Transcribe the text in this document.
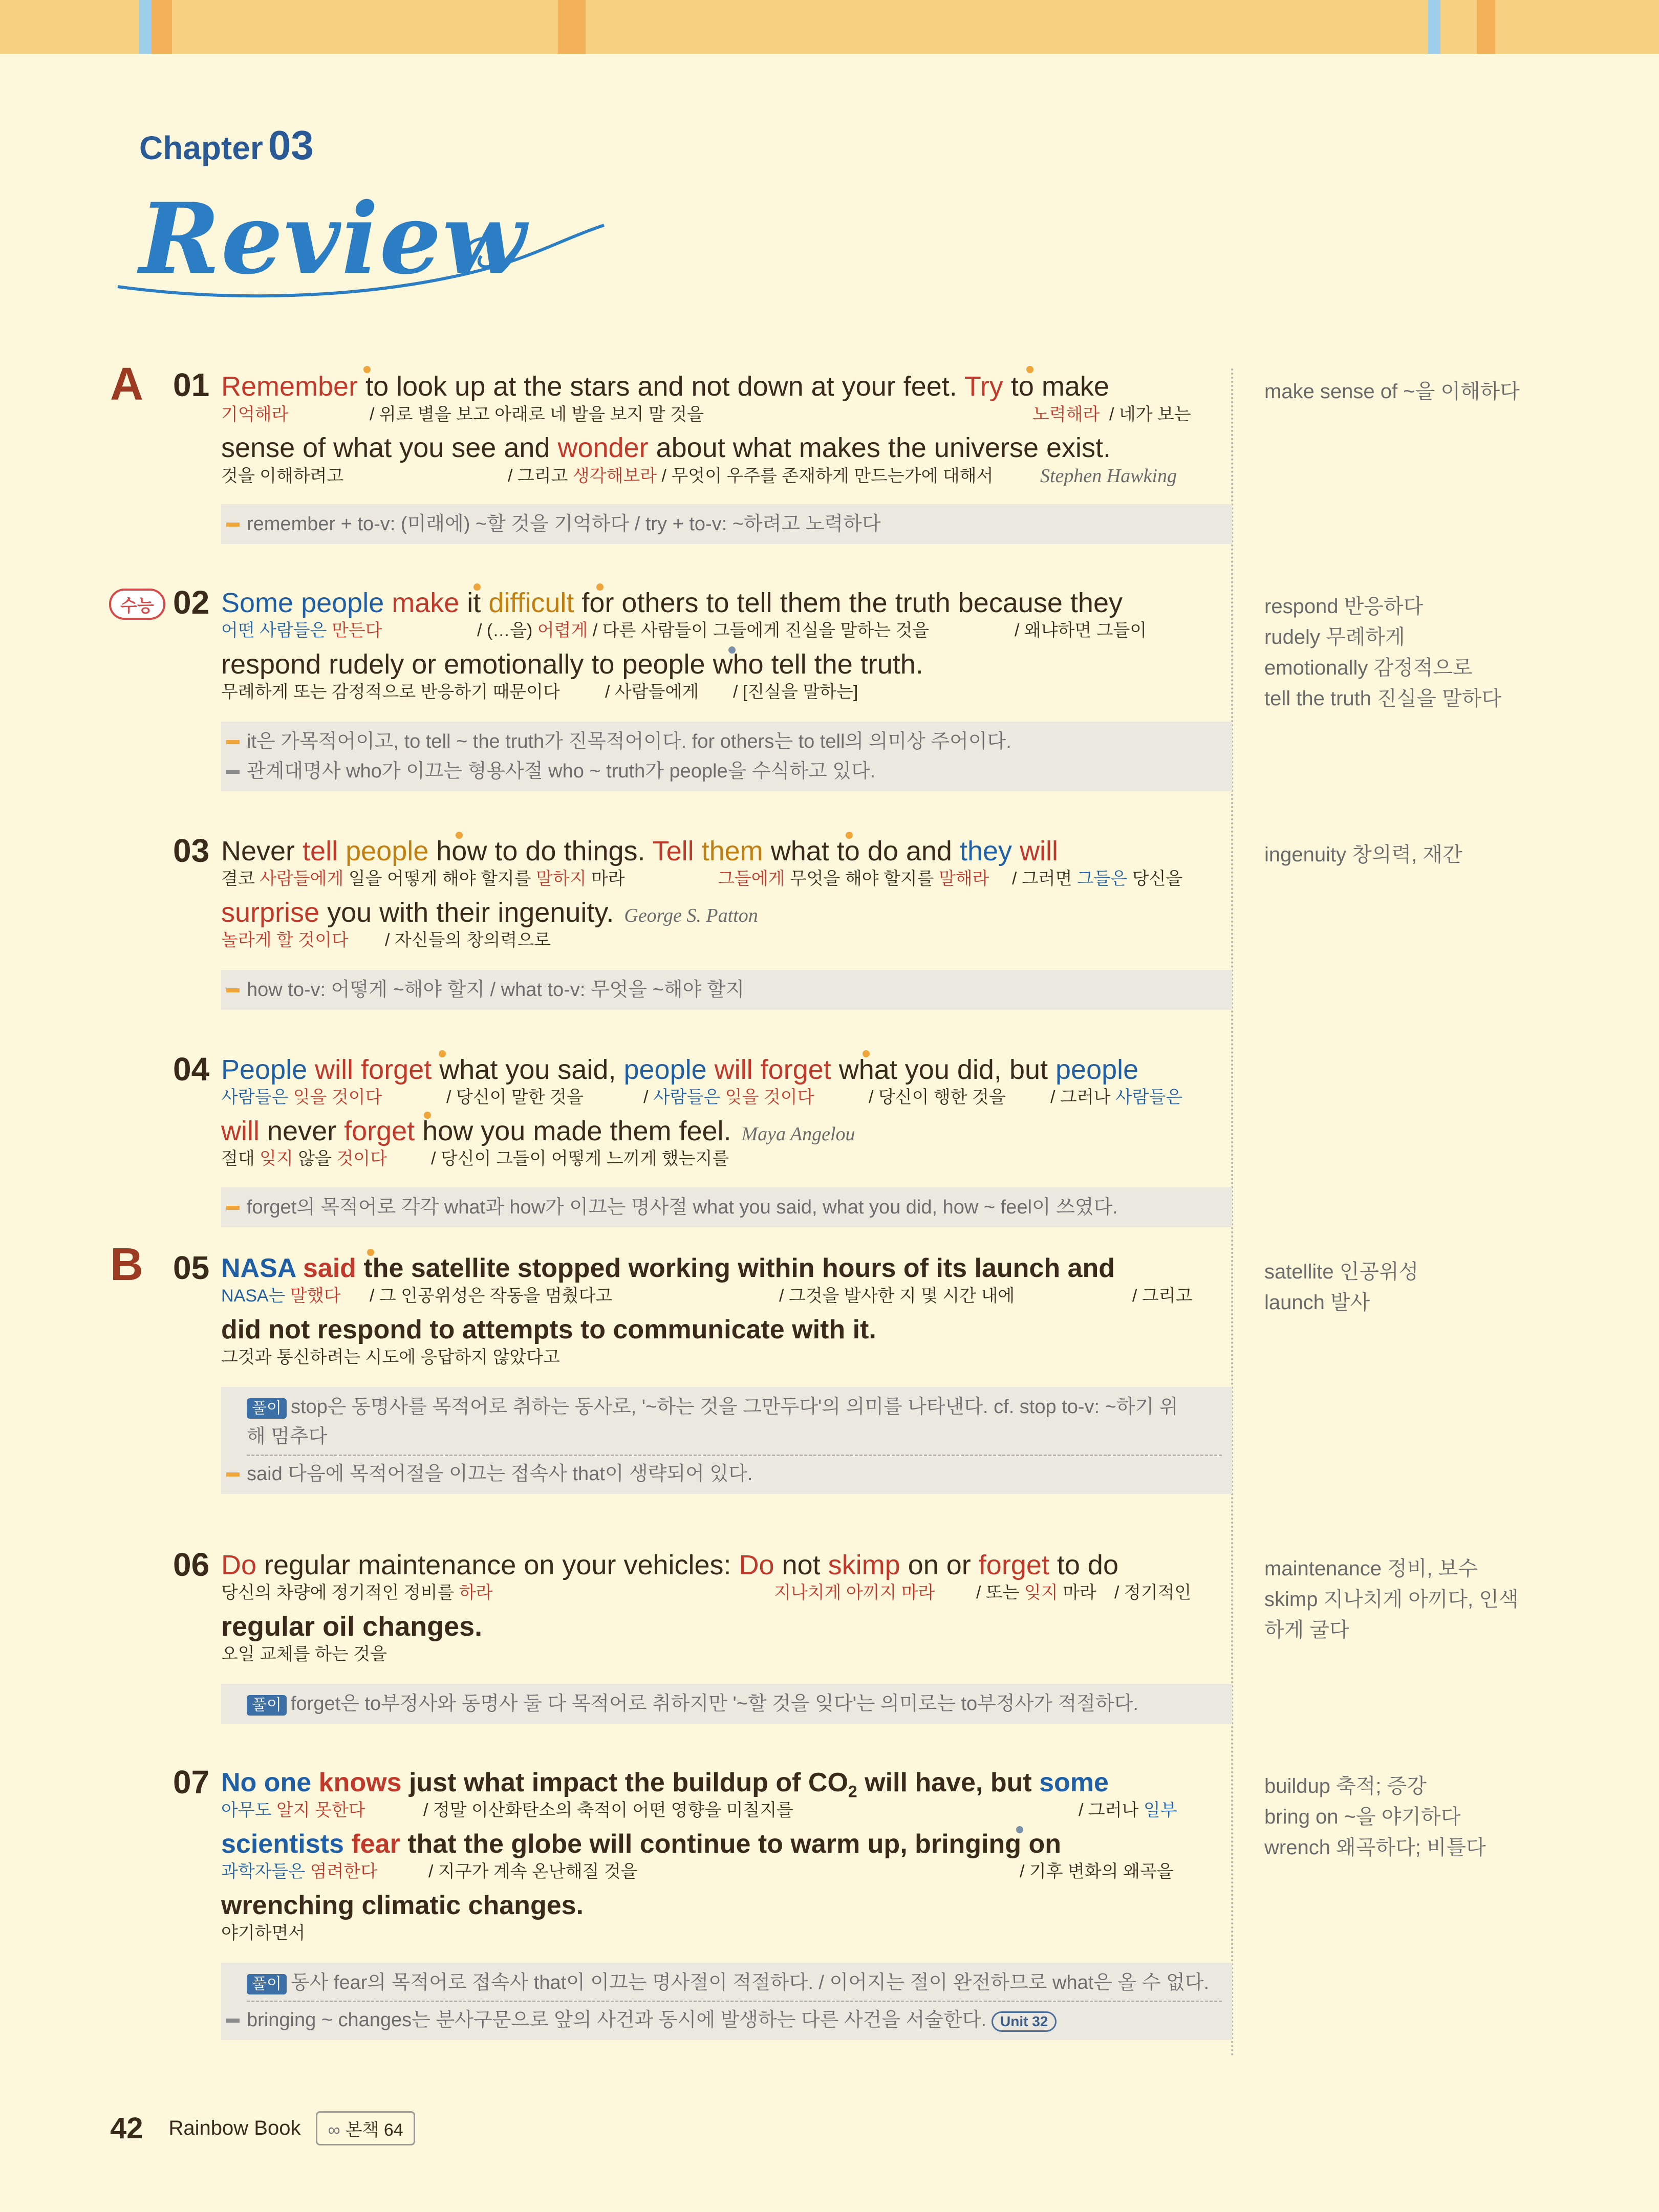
Chapter 03
Review
A
B
수능
01 Remember to look up at the stars and not down at your feet. Try to make
기억해라	/ 위로 별을 보고 아래로 네 발을 보지 말 것을	노력해라 / 네가 보는
sense of what you see and wonder about what makes the universe exist.
것을 이해하려고	/ 그리고 생각해보라 / 무엇이 우주를 존재하게 만드는가에 대해서 Stephen Hawking
remember + to-v: (미래에) ~할 것을 기억하다 / try + to-v: ~하려고 노력하다
02 Some people make it difficult for others to tell them the truth because they
어떤 사람들은 만든다	/ (…을) 어렵게 / 다른 사람들이 그들에게 진실을 말하는 것을	/ 왜냐하면 그들이
respond rudely or emotionally to people who tell the truth.
무례하게 또는 감정적으로 반응하기 때문이다	/ 사람들에게 / [진실을 말하는]
it은 가목적어이고, to tell ~ the truth가 진목적어이다. for others는 to tell의 의미상 주어이다.
관계대명사 who가 이끄는 형용사절 who ~ truth가 people을 수식하고 있다.
03 Never tell people how to do things. Tell them what to do and they will
결코 사람들에게 일을 어떻게 해야 할지를 말하지 마라	그들에게 무엇을 해야 할지를 말해라 / 그러면 그들은 당신을
surprise you with their ingenuity. George S. Patton
놀라게 할 것이다 / 자신들의 창의력으로
how to-v: 어떻게 ~해야 할지 / what to-v: 무엇을 ~해야 할지
04 People will forget what you said, people will forget what you did, but people
사람들은 잊을 것이다	/ 당신이 말한 것을	/ 사람들은 잊을 것이다	/ 당신이 행한 것을	/ 그러나 사람들은
will never forget how you made them feel. Maya Angelou
절대 잊지 않을 것이다	/ 당신이 그들이 어떻게 느끼게 했는지를
forget의 목적어로 각각 what과 how가 이끄는 명사절 what you said, what you did, how ~ feel이 쓰였다.
05 NASA said the satellite stopped working within hours of its launch and
NASA는 말했다 / 그 인공위성은 작동을 멈췄다고	/ 그것을 발사한 지 몇 시간 내에	/ 그리고
did not respond to attempts to communicate with it.
그것과 통신하려는 시도에 응답하지 않았다고
풀이 stop은 동명사를 목적어로 취하는 동사로, '~하는 것을 그만두다'의 의미를 나타낸다. cf. stop to-v: ~하기 위
해 멈추다
said 다음에 목적어절을 이끄는 접속사 that이 생략되어 있다.
06 Do regular maintenance on your vehicles: Do not skimp on or forget to do
당신의 차량에 정기적인 정비를 하라	지나치게 아끼지 마라 / 또는 잊지 마라 / 정기적인
regular oil changes.
오일 교체를 하는 것을
풀이 forget은 to부정사와 동명사 둘 다 목적어로 취하지만 '~할 것을 잊다'는 의미로는 to부정사가 적절하다.
07 No one knows just what impact the buildup of $CO_2$ will have, but some
아무도 알지 못한다	/ 정말 이산화탄소의 축적이 어떤 영향을 미칠지를	/ 그러나 일부
scientists fear that the globe will continue to warm up, bringing on
과학자들은 염려한다	/ 지구가 계속 온난해질 것을	/ 기후 변화의 왜곡을
wrenching climatic changes.
야기하면서
풀이 동사 fear의 목적어로 접속사 that이 이끄는 명사절이 적절하다. / 이어지는 절이 완전하므로 what은 올 수 없다.
bringing ~ changes는 분사구문으로 앞의 사건과 동시에 발생하는 다른 사건을 서술한다. Unit 32
make sense of ~을 이해하다
respond 반응하다
rudely 무례하게
emotionally 감정적으로
tell the truth 진실을 말하다
ingenuity 창의력, 재간
satellite 인공위성
launch 발사
maintenance 정비, 보수
skimp 지나치게 아끼다, 인색
하게 굴다
buildup 축적; 증강
bring on ~을 야기하다
wrench 왜곡하다; 비틀다
42 Rainbow Book	∞ 본책 64
